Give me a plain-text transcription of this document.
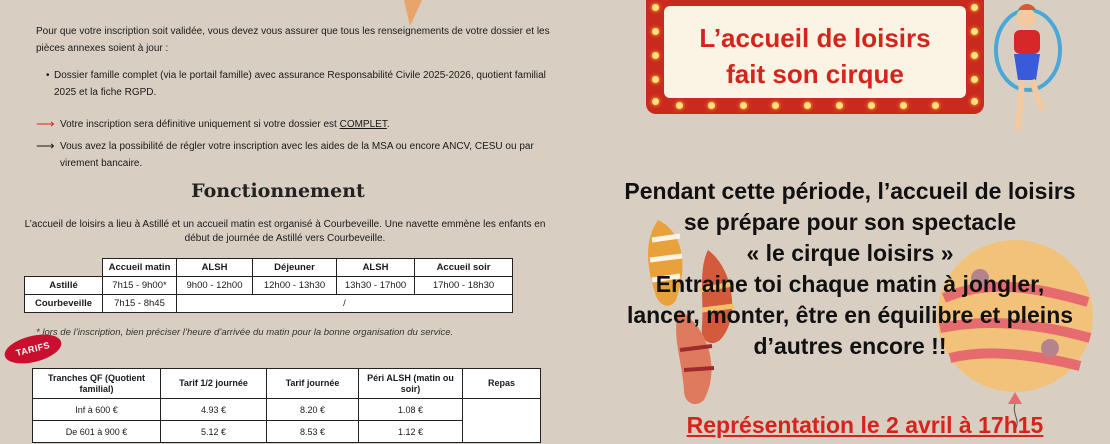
Pour que votre inscription soit validée, vous devez vous assurer que tous les renseignements de votre dossier et les pièces annexes soient à jour :
• Dossier famille complet (via le portail famille) avec assurance Responsabilité Civile 2025-2026, quotient familial 2025 et la fiche RGPD.
⟶ Votre inscription sera définitive uniquement si votre dossier est COMPLET.
⟶ Vous avez la possibilité de régler votre inscription avec les aides de la MSA ou encore ANCV, CESU ou par virement bancaire.
Fonctionnement
L’accueil de loisirs a lieu à Astillé et un accueil matin est organisé à Courbeveille. Une navette emmène les enfants en début de journée de Astillé vers Courbeveille.
	Accueil matin	ALSH	Déjeuner	ALSH	Accueil soir
Astillé	7h15 - 9h00*	9h00 - 12h00	12h00 - 13h30	13h30 - 17h00	17h00 - 18h30
Courbeveille	7h15 - 8h45	/			
* lors de l’inscription, bien préciser l’heure d’arrivée du matin pour la bonne organisation du service.
TARIFS
Tranches QF (Quotient familial)	Tarif 1/2 journée	Tarif journée	Péri ALSH (matin ou soir)	Repas
Inf à 600 €	4.93 €	8.20 €	1.08 €	
De 601 à 900 €	5.12 €	8.53 €	1.12 €	
L’accueil de loisirs
fait son cirque
Pendant cette période, l’accueil de loisirs
se prépare pour son spectacle
« le cirque loisirs »
Entraine toi chaque matin à jongler,
lancer, monter, être en équilibre et pleins
d’autres encore !!
Représentation le 2 avril à 17h15
